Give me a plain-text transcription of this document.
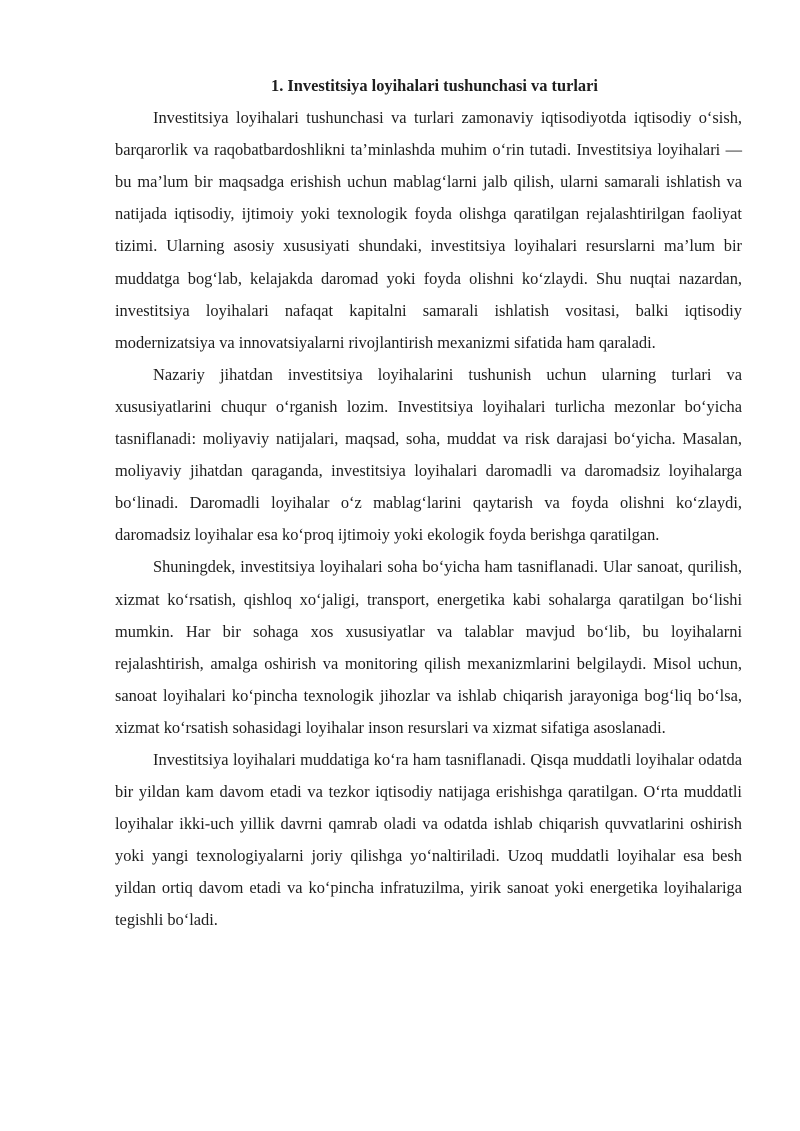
1. Investitsiya loyihalari tushunchasi va turlari

Investitsiya loyihalari tushunchasi va turlari zamonaviy iqtisodiyotda iqtisodiy o‘sish, barqarorlik va raqobatbardoshlikni ta’minlashda muhim o‘rin tutadi. Investitsiya loyihalari — bu ma’lum bir maqsadga erishish uchun mablag‘larni jalb qilish, ularni samarali ishlatish va natijada iqtisodiy, ijtimoiy yoki texnologik foyda olishga qaratilgan rejalashtirilgan faoliyat tizimi. Ularning asosiy xususiyati shundaki, investitsiya loyihalari resurslarni ma’lum bir muddatga bog‘lab, kelajakda daromad yoki foyda olishni ko‘zlaydi. Shu nuqtai nazardan, investitsiya loyihalari nafaqat kapitalni samarali ishlatish vositasi, balki iqtisodiy modernizatsiya va innovatsiyalarni rivojlantirish mexanizmi sifatida ham qaraladi.

Nazariy jihatdan investitsiya loyihalarini tushunish uchun ularning turlari va xususiyatlarini chuqur o‘rganish lozim. Investitsiya loyihalari turlicha mezonlar bo‘yicha tasniflanadi: moliyaviy natijalari, maqsad, soha, muddat va risk darajasi bo‘yicha. Masalan, moliyaviy jihatdan qaraganda, investitsiya loyihalari daromadli va daromadsiz loyihalarga bo‘linadi. Daromadli loyihalar o‘z mablag‘larini qaytarish va foyda olishni ko‘zlaydi, daromadsiz loyihalar esa ko‘proq ijtimoiy yoki ekologik foyda berishga qaratilgan.

Shuningdek, investitsiya loyihalari soha bo‘yicha ham tasniflanadi. Ular sanoat, qurilish, xizmat ko‘rsatish, qishloq xo‘jaligi, transport, energetika kabi sohalarga qaratilgan bo‘lishi mumkin. Har bir sohaga xos xususiyatlar va talablar mavjud bo‘lib, bu loyihalarni rejalashtirish, amalga oshirish va monitoring qilish mexanizmlarini belgilaydi. Misol uchun, sanoat loyihalari ko‘pincha texnologik jihozlar va ishlab chiqarish jarayoniga bog‘liq bo‘lsa, xizmat ko‘rsatish sohasidagi loyihalar inson resurslari va xizmat sifatiga asoslanadi.

Investitsiya loyihalari muddatiga ko‘ra ham tasniflanadi. Qisqa muddatli loyihalar odatda bir yildan kam davom etadi va tezkor iqtisodiy natijaga erishishga qaratilgan. O‘rta muddatli loyihalar ikki-uch yillik davrni qamrab oladi va odatda ishlab chiqarish quvvatlarini oshirish yoki yangi texnologiyalarni joriy qilishga yo‘naltiriladi. Uzoq muddatli loyihalar esa besh yildan ortiq davom etadi va ko‘pincha infratuzilma, yirik sanoat yoki energetika loyihalariga tegishli bo‘ladi.
